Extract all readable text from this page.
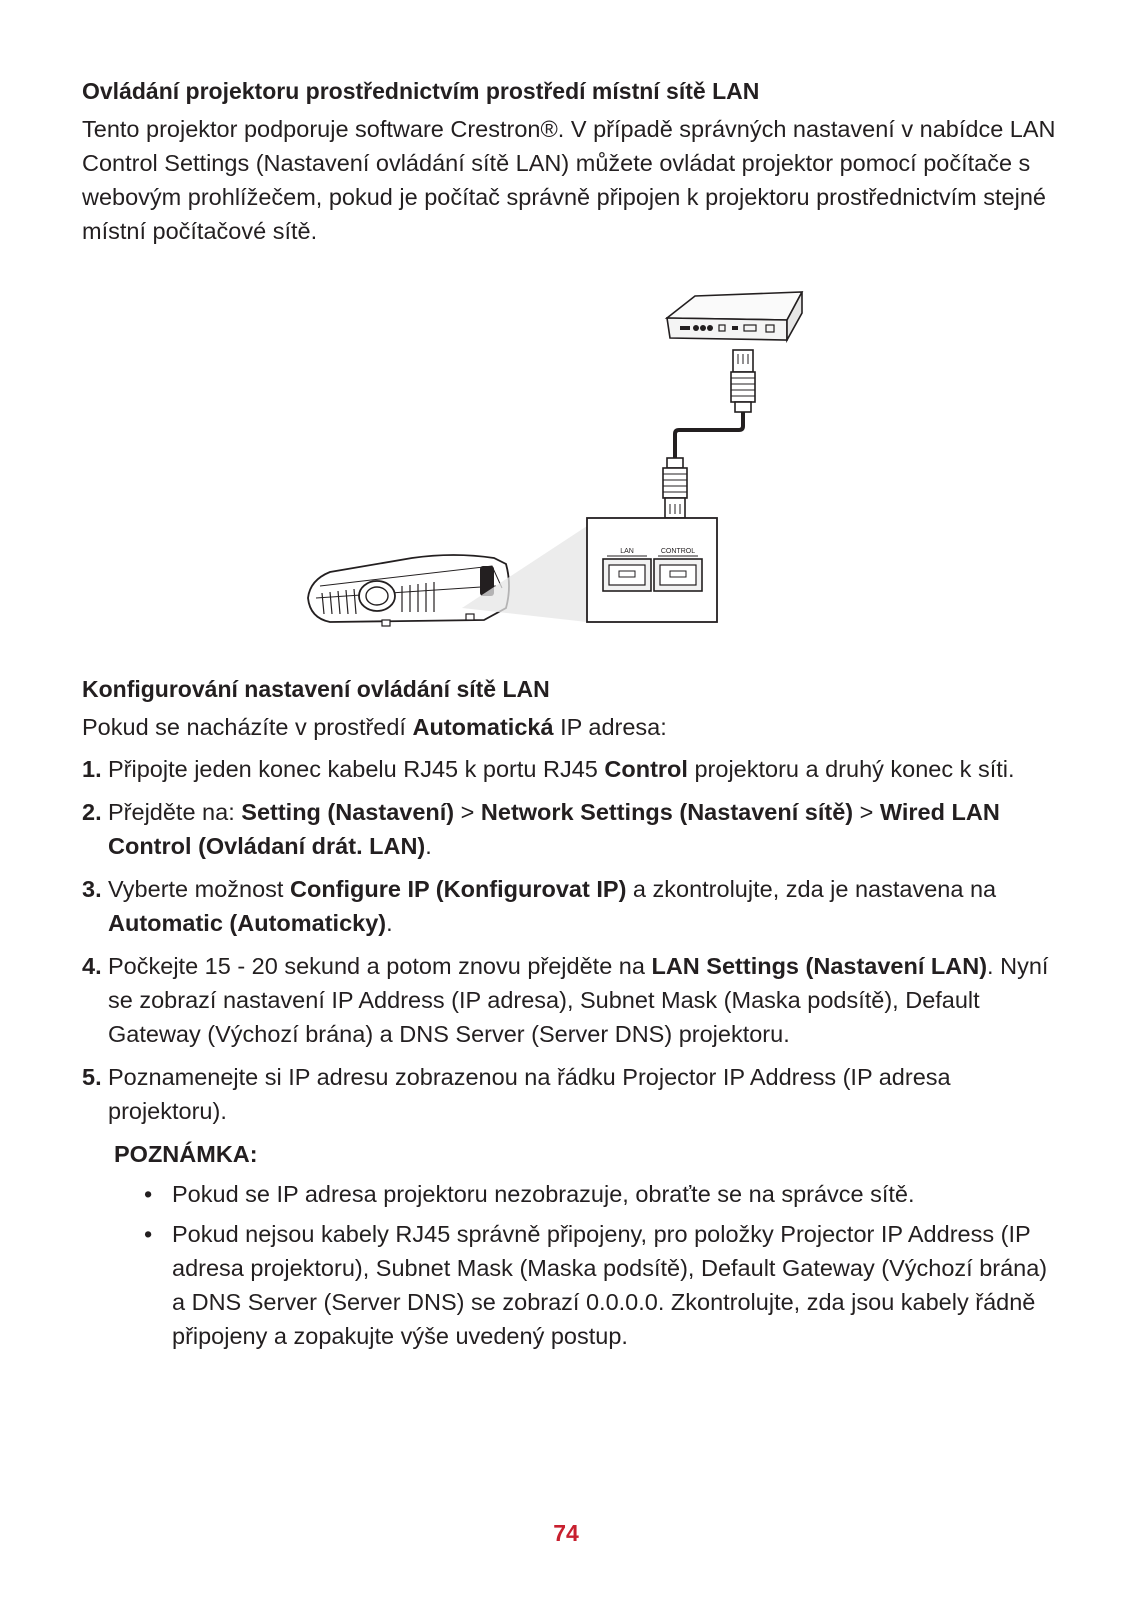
Ovládání projektoru prostřednictvím prostředí místní sítě LAN

Tento projektor podporuje software Crestron®. V případě správných nastavení v nabídce LAN Control Settings (Nastavení ovládání sítě LAN) můžete ovládat projektor pomocí počítače s webovým prohlížečem, pokud je počítač správně připojen k projektoru prostřednictvím stejné místní počítačové sítě.

LAN	CONTROL
Konfigurování nastavení ovládání sítě LAN

Pokud se nacházíte v prostředí Automatická IP adresa:

1. Připojte jeden konec kabelu RJ45 k portu RJ45 Control projektoru a druhý konec k síti.
2. Přejděte na: Setting (Nastavení) > Network Settings (Nastavení sítě) > Wired LAN Control (Ovládaní drát. LAN).
3. Vyberte možnost Configure IP (Konfigurovat IP) a zkontrolujte, zda je nastavena na Automatic (Automaticky).
4. Počkejte 15 - 20 sekund a potom znovu přejděte na LAN Settings (Nastavení LAN). Nyní se zobrazí nastavení IP Address (IP adresa), Subnet Mask (Maska podsítě), Default Gateway (Výchozí brána) a DNS Server (Server DNS) projektoru.
5. Poznamenejte si IP adresu zobrazenou na řádku Projector IP Address (IP adresa projektoru).
POZNÁMKA:
• Pokud se IP adresa projektoru nezobrazuje, obraťte se na správce sítě.
• Pokud nejsou kabely RJ45 správně připojeny, pro položky Projector IP Address (IP adresa projektoru), Subnet Mask (Maska podsítě), Default Gateway (Výchozí brána) a DNS Server (Server DNS) se zobrazí 0.0.0.0. Zkontrolujte, zda jsou kabely řádně připojeny a zopakujte výše uvedený postup.
74
